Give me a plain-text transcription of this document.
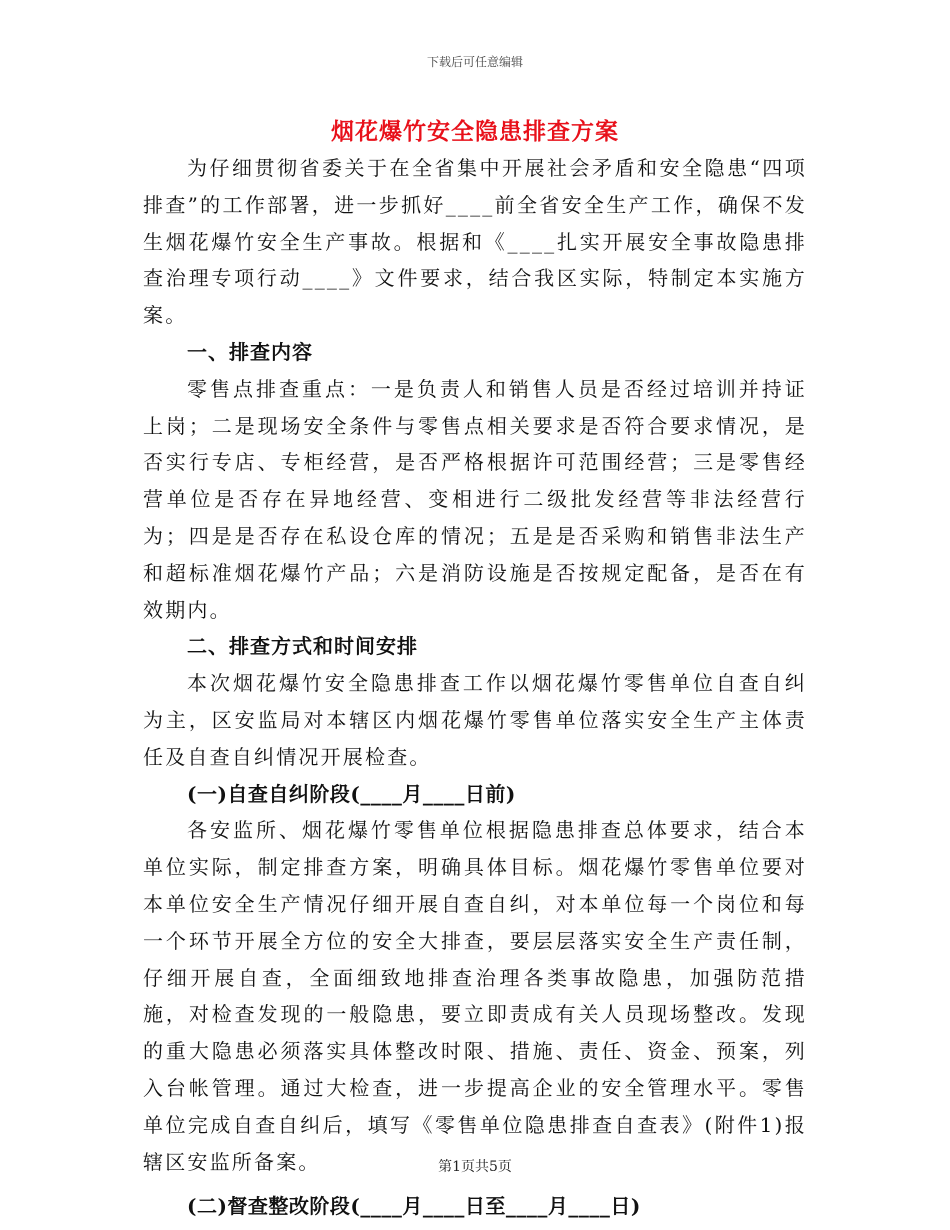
下载后可任意编辑
烟花爆竹安全隐患排查方案

为仔细贯彻省委关于在全省集中开展社会矛盾和安全隐患“四项排查”的工作部署，进一步抓好____前全省安全生产工作，确保不发生烟花爆竹安全生产事故。根据和《____扎实开展安全事故隐患排查治理专项行动____》文件要求，结合我区实际，特制定本实施方案。

一、排查内容

零售点排查重点：一是负责人和销售人员是否经过培训并持证上岗；二是现场安全条件与零售点相关要求是否符合要求情况，是否实行专店、专柜经营，是否严格根据许可范围经营；三是零售经营单位是否存在异地经营、变相进行二级批发经营等非法经营行为；四是是否存在私设仓库的情况；五是是否采购和销售非法生产和超标准烟花爆竹产品；六是消防设施是否按规定配备，是否在有效期内。

二、排查方式和时间安排

本次烟花爆竹安全隐患排查工作以烟花爆竹零售单位自查自纠为主，区安监局对本辖区内烟花爆竹零售单位落实安全生产主体责任及自查自纠情况开展检查。

(一)自查自纠阶段(____月____日前)

各安监所、烟花爆竹零售单位根据隐患排查总体要求，结合本单位实际，制定排查方案，明确具体目标。烟花爆竹零售单位要对本单位安全生产情况仔细开展自查自纠，对本单位每一个岗位和每一个环节开展全方位的安全大排查，要层层落实安全生产责任制，仔细开展自查，全面细致地排查治理各类事故隐患，加强防范措施，对检查发现的一般隐患，要立即责成有关人员现场整改。发现的重大隐患必须落实具体整改时限、措施、责任、资金、预案，列入台帐管理。通过大检查，进一步提高企业的安全管理水平。零售单位完成自查自纠后，填写《零售单位隐患排查自查表》(附件1)报辖区安监所备案。

(二)督查整改阶段(____月____日至____月____日)
第1页共5页
